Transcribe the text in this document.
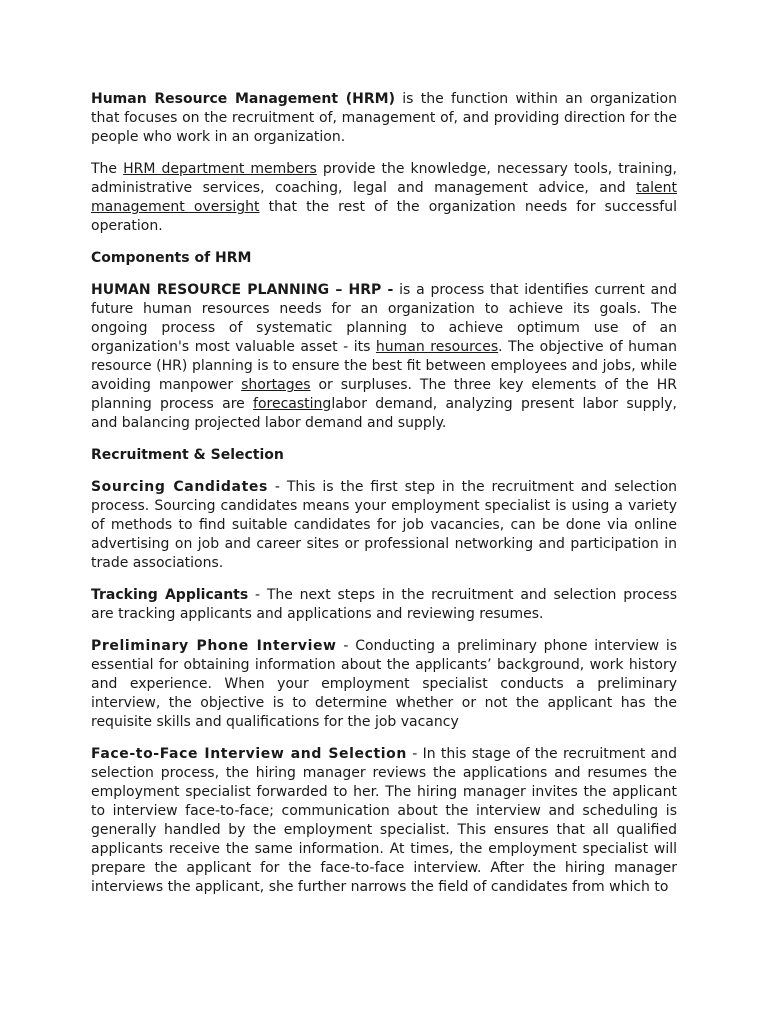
Human Resource Management (HRM) is the function within an organization that focuses on the recruitment of, management of, and providing direction for the people who work in an organization.

The HRM department members provide the knowledge, necessary tools, training, administrative services, coaching, legal and management advice, and talent management oversight that the rest of the organization needs for successful operation.

Components of HRM

HUMAN RESOURCE PLANNING – HRP - is a process that identifies current and future human resources needs for an organization to achieve its goals. The ongoing process of systematic planning to achieve optimum use of an organization's most valuable asset - its human resources. The objective of human resource (HR) planning is to ensure the best fit between employees and jobs, while avoiding manpower shortages or surpluses. The three key elements of the HR planning process are forecastinglabor demand, analyzing present labor supply, and balancing projected labor demand and supply.

Recruitment & Selection

Sourcing Candidates - This is the first step in the recruitment and selection process. Sourcing candidates means your employment specialist is using a variety of methods to find suitable candidates for job vacancies, can be done via online advertising on job and career sites or professional networking and participation in trade associations.

Tracking Applicants - The next steps in the recruitment and selection process are tracking applicants and applications and reviewing resumes.

Preliminary Phone Interview - Conducting a preliminary phone interview is essential for obtaining information about the applicants’ background, work history and experience. When your employment specialist conducts a preliminary interview, the objective is to determine whether or not the applicant has the requisite skills and qualifications for the job vacancy

Face-to-Face Interview and Selection - In this stage of the recruitment and selection process, the hiring manager reviews the applications and resumes the employment specialist forwarded to her. The hiring manager invites the applicant to interview face-to-face; communication about the interview and scheduling is generally handled by the employment specialist. This ensures that all qualified applicants receive the same information. At times, the employment specialist will prepare the applicant for the face-to-face interview. After the hiring manager interviews the applicant, she further narrows the field of candidates from which to
